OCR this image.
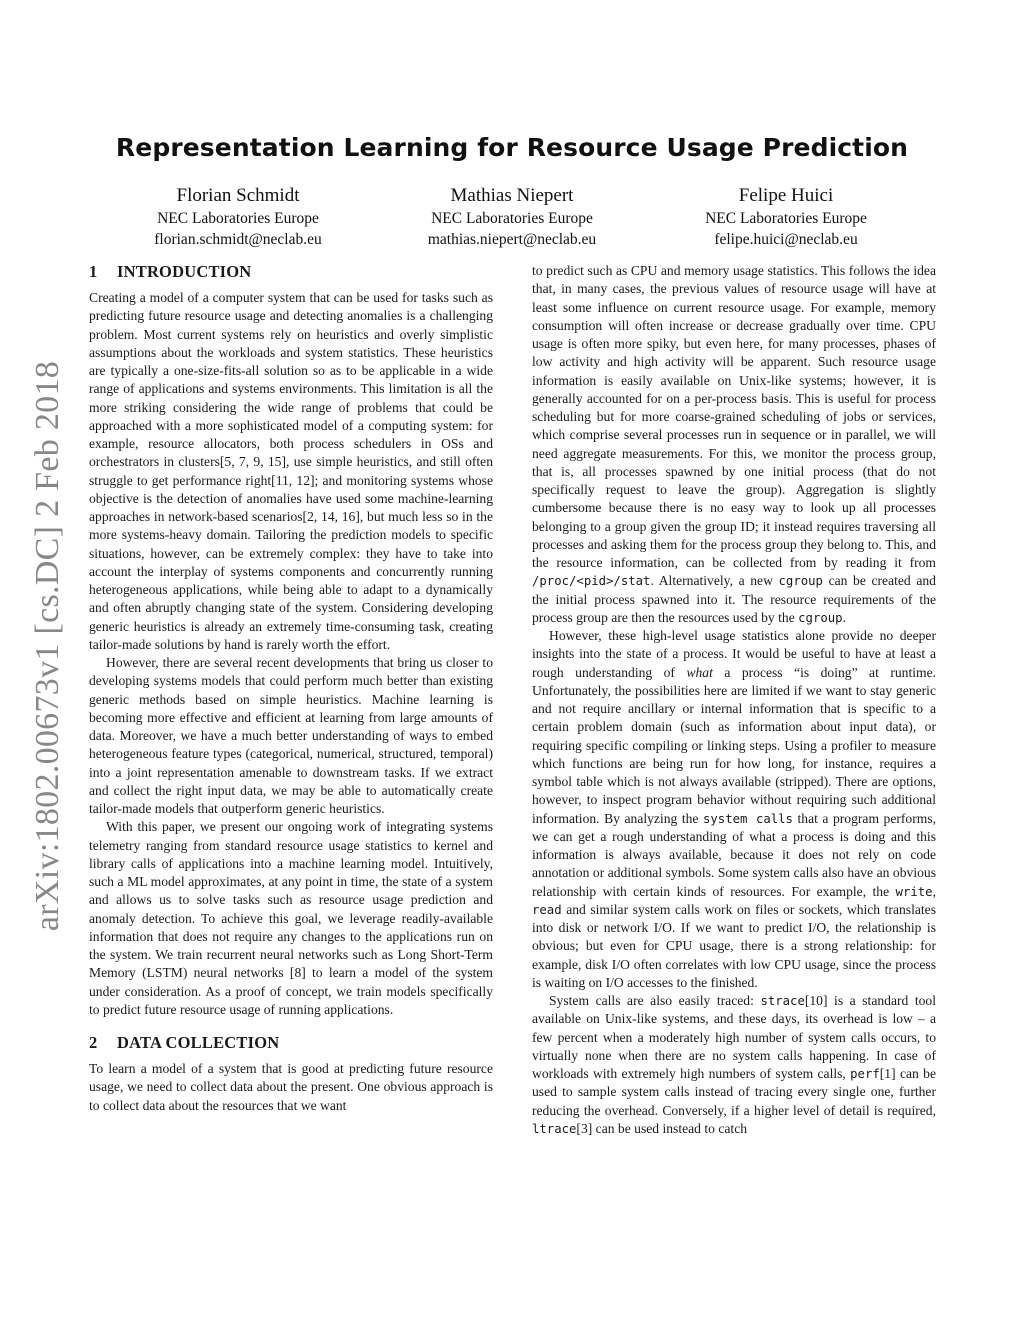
Representation Learning for Resource Usage Prediction
Florian Schmidt
NEC Laboratories Europe
florian.schmidt@neclab.eu
Mathias Niepert
NEC Laboratories Europe
mathias.niepert@neclab.eu
Felipe Huici
NEC Laboratories Europe
felipe.huici@neclab.eu
arXiv:1802.00673v1 [cs.DC] 2 Feb 2018
1 INTRODUCTION

Creating a model of a computer system that can be used for tasks such as predicting future resource usage and detecting anomalies is a challenging problem. Most current systems rely on heuristics and overly simplistic assumptions about the workloads and system statistics. These heuristics are typically a one-size-fits-all solution so as to be applicable in a wide range of applications and systems environments. This limitation is all the more striking considering the wide range of problems that could be approached with a more sophisticated model of a computing system: for example, resource allocators, both process schedulers in OSs and orchestrators in clusters[5, 7, 9, 15], use simple heuristics, and still often struggle to get performance right[11, 12]; and monitoring systems whose objective is the detection of anomalies have used some machine-learning approaches in network-based scenarios[2, 14, 16], but much less so in the more systems-heavy domain. Tailoring the prediction models to specific situations, however, can be extremely complex: they have to take into account the interplay of systems components and concurrently running heterogeneous applications, while being able to adapt to a dynamically and often abruptly changing state of the system. Considering developing generic heuristics is already an extremely time-consuming task, creating tailor-made solutions by hand is rarely worth the effort.

However, there are several recent developments that bring us closer to developing systems models that could perform much better than existing generic methods based on simple heuristics. Machine learning is becoming more effective and efficient at learning from large amounts of data. Moreover, we have a much better understanding of ways to embed heterogeneous feature types (categorical, numerical, structured, temporal) into a joint representation amenable to downstream tasks. If we extract and collect the right input data, we may be able to automatically create tailor-made models that outperform generic heuristics.

With this paper, we present our ongoing work of integrating systems telemetry ranging from standard resource usage statistics to kernel and library calls of applications into a machine learning model. Intuitively, such a ML model approximates, at any point in time, the state of a system and allows us to solve tasks such as resource usage prediction and anomaly detection. To achieve this goal, we leverage readily-available information that does not require any changes to the applications run on the system. We train recurrent neural networks such as Long Short-Term Memory (LSTM) neural networks [8] to learn a model of the system under consideration. As a proof of concept, we train models specifically to predict future resource usage of running applications.

2 DATA COLLECTION

To learn a model of a system that is good at predicting future resource usage, we need to collect data about the present. One obvious approach is to collect data about the resources that we want

to predict such as CPU and memory usage statistics. This follows the idea that, in many cases, the previous values of resource usage will have at least some influence on current resource usage. For example, memory consumption will often increase or decrease gradually over time. CPU usage is often more spiky, but even here, for many processes, phases of low activity and high activity will be apparent. Such resource usage information is easily available on Unix-like systems; however, it is generally accounted for on a per-process basis. This is useful for process scheduling but for more coarse-grained scheduling of jobs or services, which comprise several processes run in sequence or in parallel, we will need aggregate measurements. For this, we monitor the process group, that is, all processes spawned by one initial process (that do not specifically request to leave the group). Aggregation is slightly cumbersome because there is no easy way to look up all processes belonging to a group given the group ID; it instead requires traversing all processes and asking them for the process group they belong to. This, and the resource information, can be collected from by reading it from /proc/<pid>/stat. Alternatively, a new cgroup can be created and the initial process spawned into it. The resource requirements of the process group are then the resources used by the cgroup.

However, these high-level usage statistics alone provide no deeper insights into the state of a process. It would be useful to have at least a rough understanding of what a process “is doing” at runtime. Unfortunately, the possibilities here are limited if we want to stay generic and not require ancillary or internal information that is specific to a certain problem domain (such as information about input data), or requiring specific compiling or linking steps. Using a profiler to measure which functions are being run for how long, for instance, requires a symbol table which is not always available (stripped). There are options, however, to inspect program behavior without requiring such additional information. By analyzing the system calls that a program performs, we can get a rough understanding of what a process is doing and this information is always available, because it does not rely on code annotation or additional symbols. Some system calls also have an obvious relationship with certain kinds of resources. For example, the write, read and similar system calls work on files or sockets, which translates into disk or network I/O. If we want to predict I/O, the relationship is obvious; but even for CPU usage, there is a strong relationship: for example, disk I/O often correlates with low CPU usage, since the process is waiting on I/O accesses to the finished.

System calls are also easily traced: strace[10] is a standard tool available on Unix-like systems, and these days, its overhead is low – a few percent when a moderately high number of system calls occurs, to virtually none when there are no system calls happening. In case of workloads with extremely high numbers of system calls, perf[1] can be used to sample system calls instead of tracing every single one, further reducing the overhead. Conversely, if a higher level of detail is required, ltrace[3] can be used instead to catch
